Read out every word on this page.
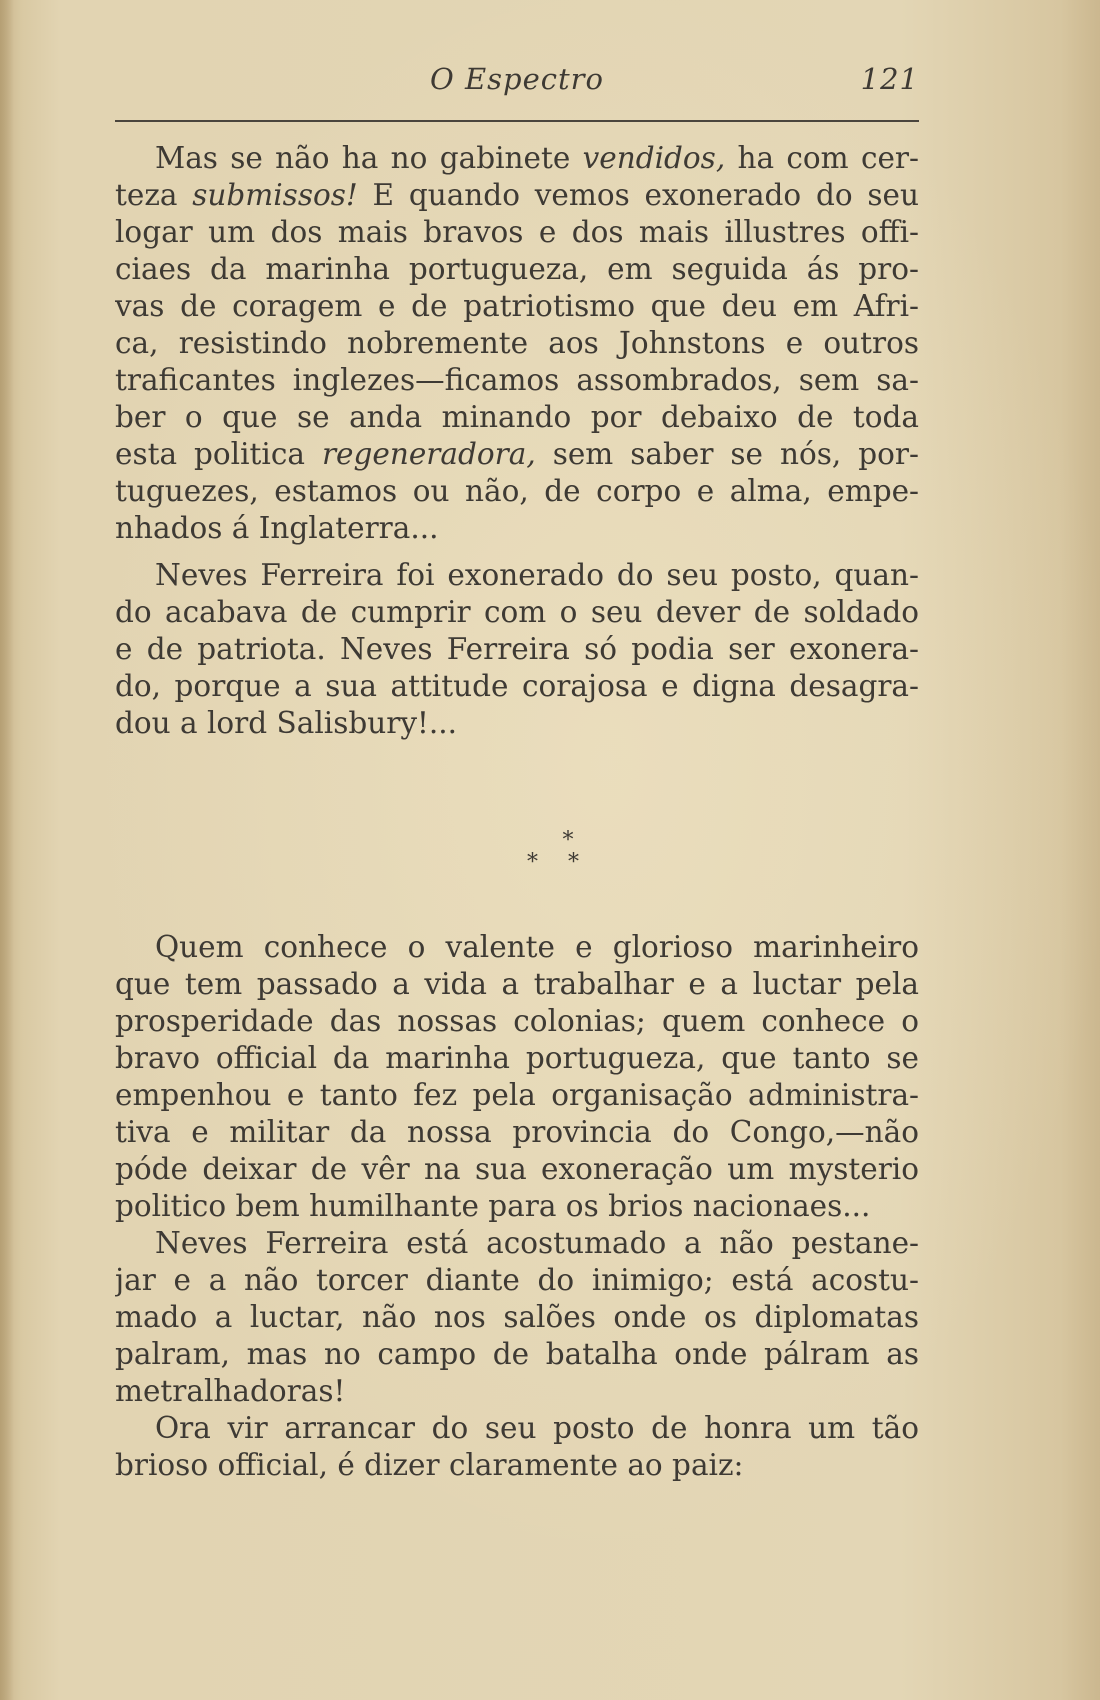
O Espectro	121
Mas se não ha no gabinete vendidos, ha com cer-
teza submissos! E quando vemos exonerado do seu
logar um dos mais bravos e dos mais illustres offi-
ciaes da marinha portugueza, em seguida ás pro-
vas de coragem e de patriotismo que deu em Afri-
ca, resistindo nobremente aos Johnstons e outros
traficantes inglezes—ficamos assombrados, sem sa-
ber o que se anda minando por debaixo de toda
esta politica regeneradora, sem saber se nós, por-
tuguezes, estamos ou não, de corpo e alma, empe-
nhados á Inglaterra...
Neves Ferreira foi exonerado do seu posto, quan-
do acabava de cumprir com o seu dever de soldado
e de patriota. Neves Ferreira só podia ser exonera-
do, porque a sua attitude corajosa e digna desagra-
dou a lord Salisbury!...
*
**
Quem conhece o valente e glorioso marinheiro
que tem passado a vida a trabalhar e a luctar pela
prosperidade das nossas colonias; quem conhece o
bravo official da marinha portugueza, que tanto se
empenhou e tanto fez pela organisação administra-
tiva e militar da nossa provincia do Congo,—não
póde deixar de vêr na sua exoneração um mysterio
politico bem humilhante para os brios nacionaes...
Neves Ferreira está acostumado a não pestane-
jar e a não torcer diante do inimigo; está acostu-
mado a luctar, não nos salões onde os diplomatas
palram, mas no campo de batalha onde pálram as
metralhadoras!
Ora vir arrancar do seu posto de honra um tão
brioso official, é dizer claramente ao paiz:
